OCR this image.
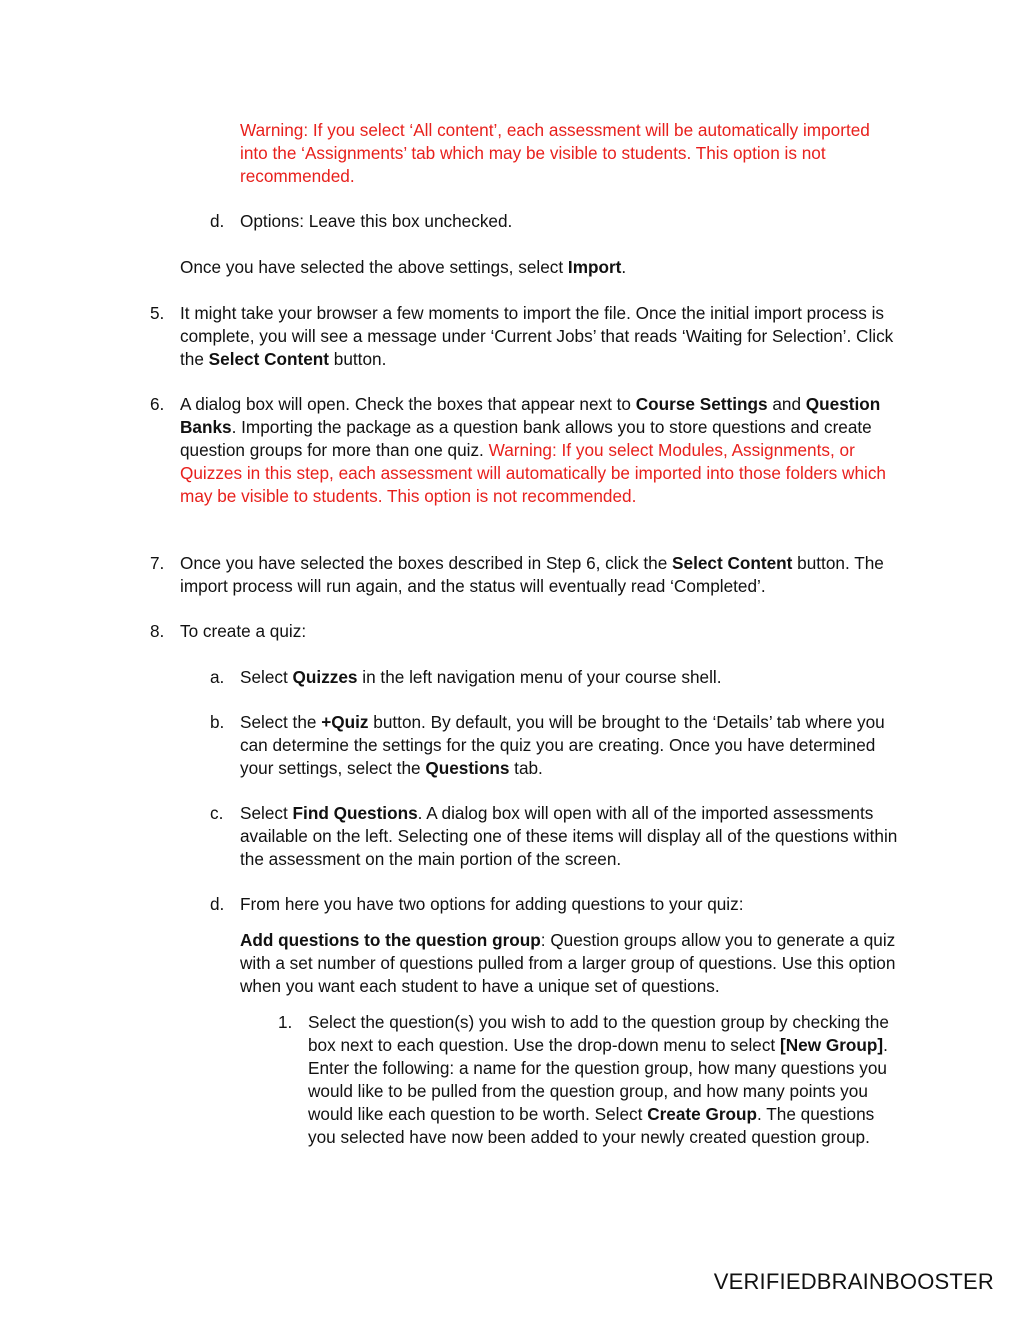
Warning: If you select ‘All content’, each assessment will be automatically imported into the ‘Assignments’ tab which may be visible to students. This option is not recommended.

d. Options: Leave this box unchecked.

Once you have selected the above settings, select Import.

5. It might take your browser a few moments to import the file. Once the initial import process is complete, you will see a message under ‘Current Jobs’ that reads ‘Waiting for Selection’. Click the Select Content button.

6. A dialog box will open. Check the boxes that appear next to Course Settings and Question Banks. Importing the package as a question bank allows you to store questions and create question groups for more than one quiz. Warning: If you select Modules, Assignments, or Quizzes in this step, each assessment will automatically be imported into those folders which may be visible to students. This option is not recommended.

7. Once you have selected the boxes described in Step 6, click the Select Content button. The import process will run again, and the status will eventually read ‘Completed’.

8. To create a quiz:

a. Select Quizzes in the left navigation menu of your course shell.

b. Select the +Quiz button. By default, you will be brought to the ‘Details’ tab where you can determine the settings for the quiz you are creating. Once you have determined your settings, select the Questions tab.

c. Select Find Questions. A dialog box will open with all of the imported assessments available on the left. Selecting one of these items will display all of the questions within the assessment on the main portion of the screen.

d. From here you have two options for adding questions to your quiz:

Add questions to the question group: Question groups allow you to generate a quiz with a set number of questions pulled from a larger group of questions. Use this option when you want each student to have a unique set of questions.

1. Select the question(s) you wish to add to the question group by checking the box next to each question. Use the drop-down menu to select [New Group]. Enter the following: a name for the question group, how many questions you would like to be pulled from the question group, and how many points you would like each question to be worth. Select Create Group. The questions you selected have now been added to your newly created question group.

VERIFIEDBRAINBOOSTER
